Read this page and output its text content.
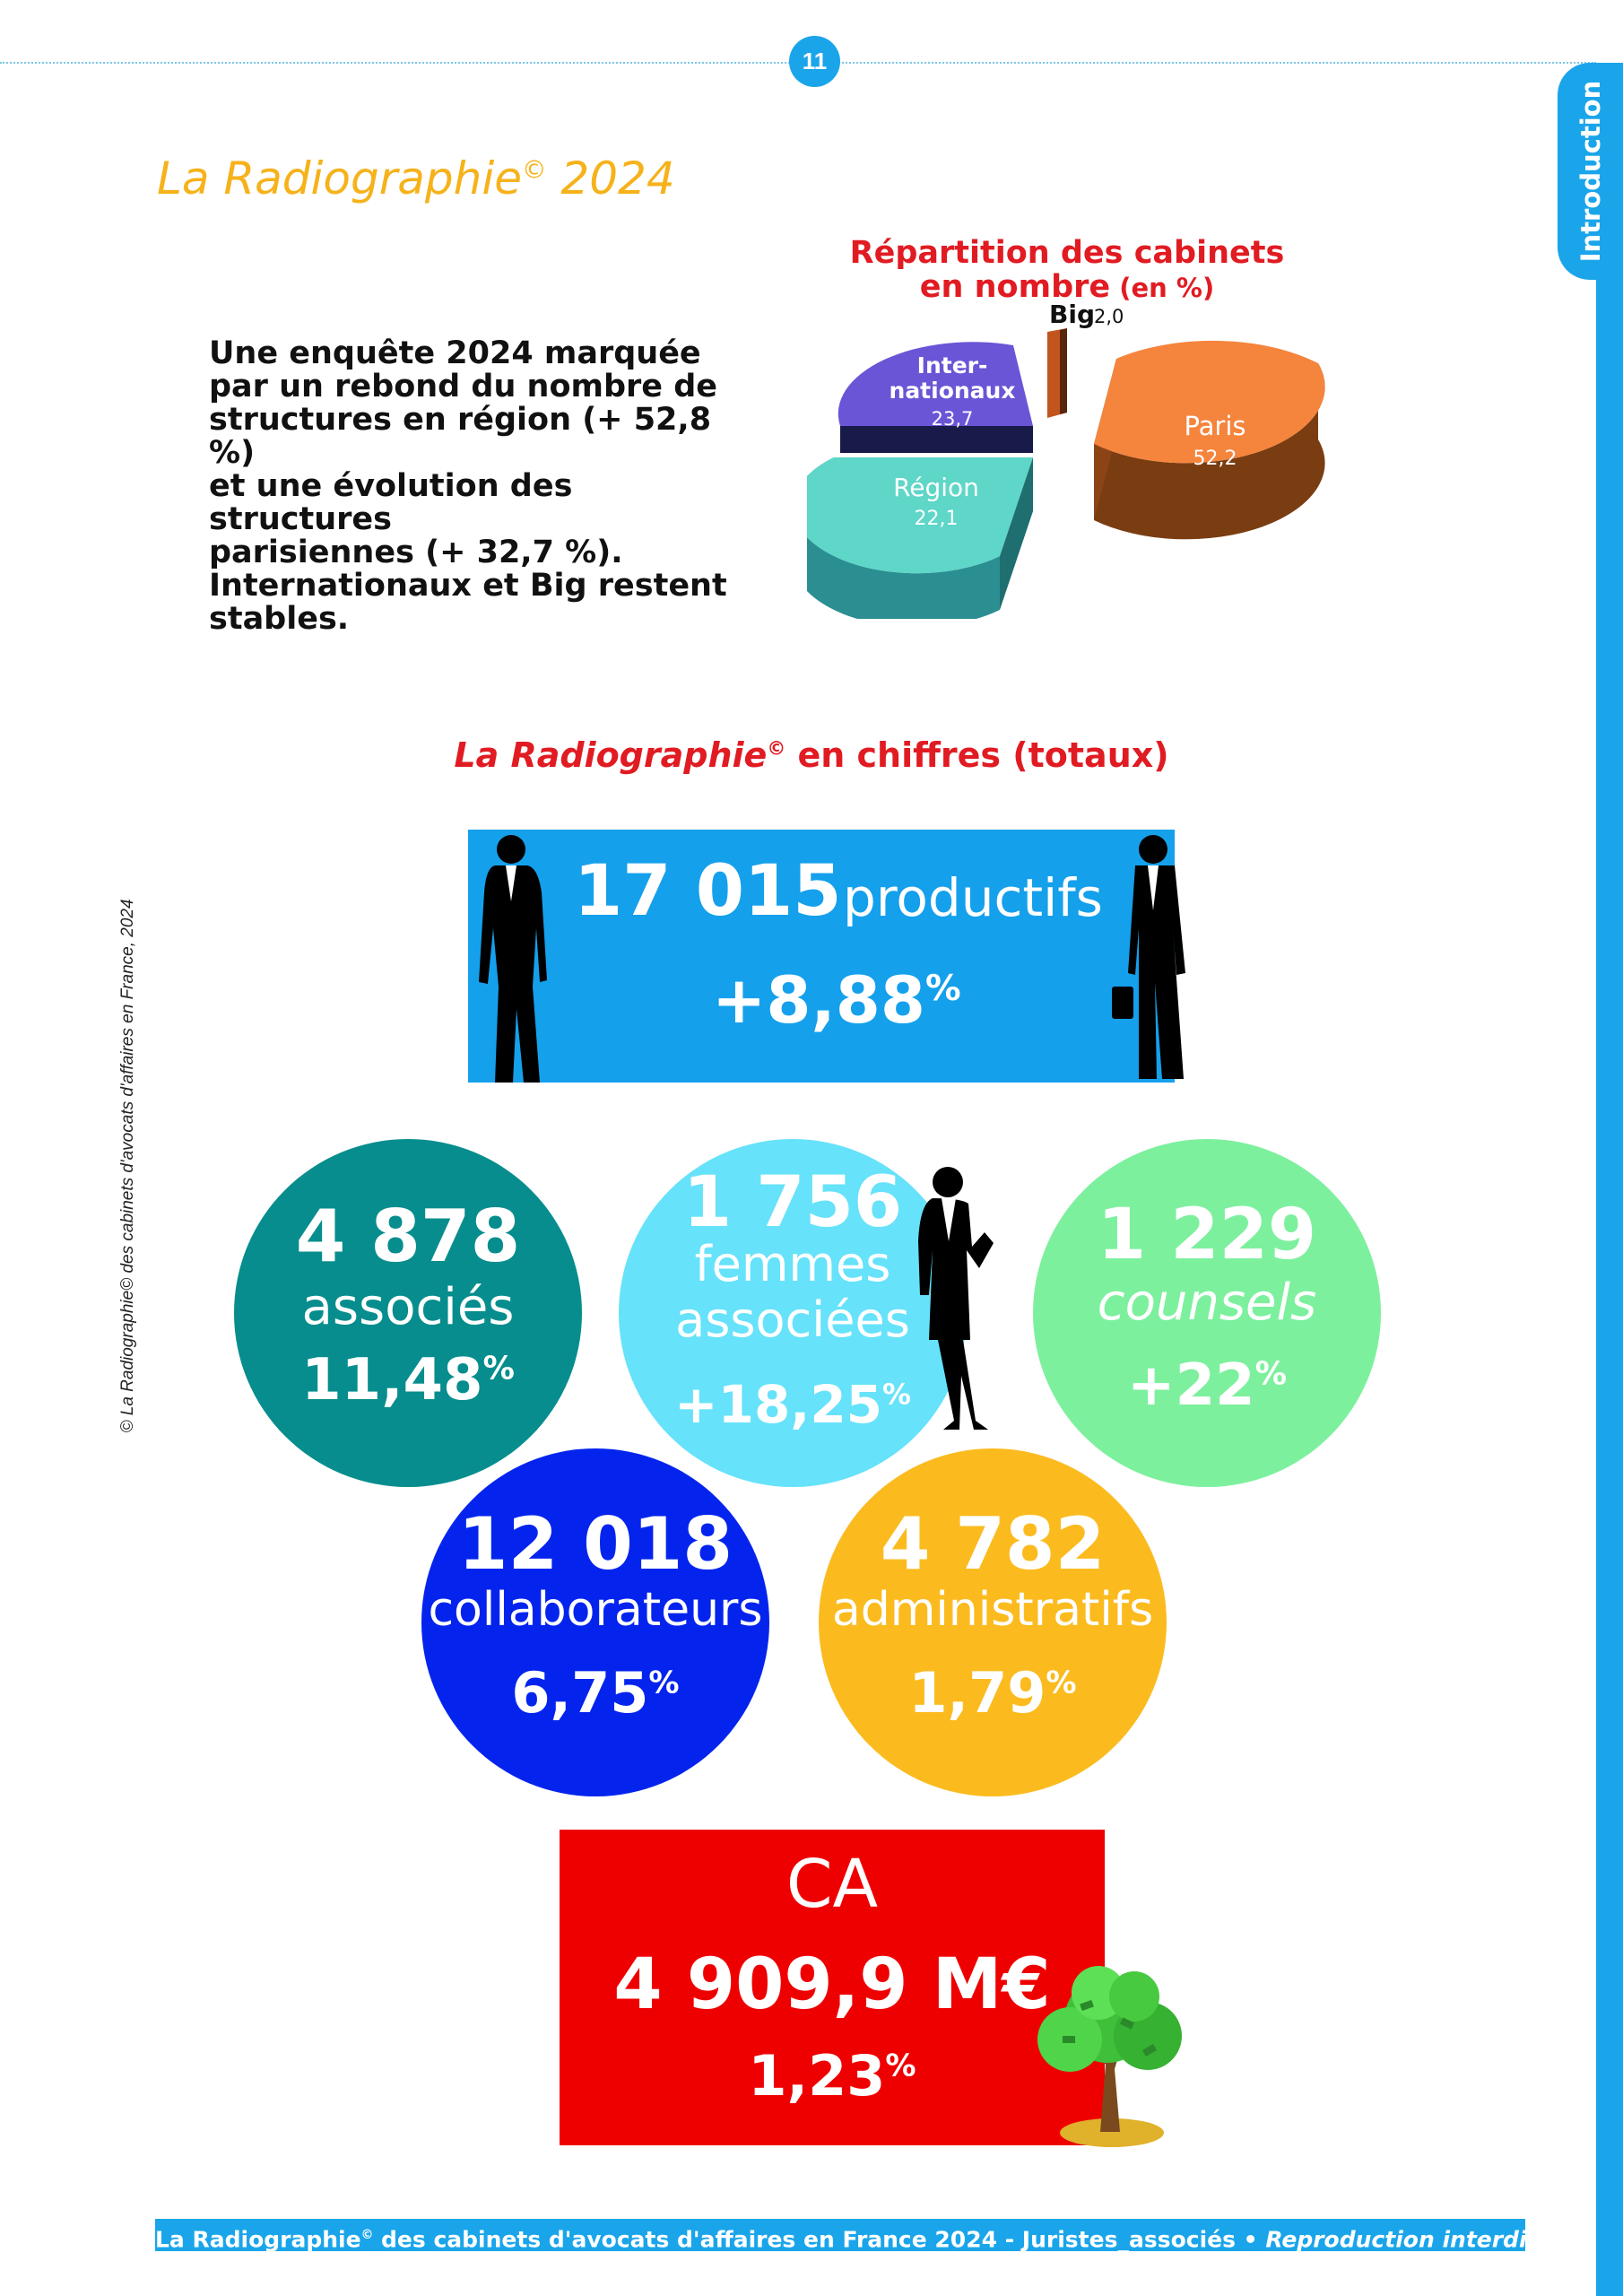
11
Introduction
© La Radiographie© des cabinets d'avocats d'affaires en France, 2024
La Radiographie© 2024
Une enquête 2024 marquée
par un rebond du nombre de
structures en région (+ 52,8 %)
et une évolution des structures
parisiennes (+ 32,7 %).
Internationaux et Big restent
stables.
Répartition des cabinets
en nombre (en %)
Paris
52,2
Région
22,1
Inter-
nationaux
23,7
Big 2,0
La Radiographie© en chiffres (totaux)
17 015 productifs
+8,88%
4 878
associés
11,48%
1 756
femmes
associées
+18,25%
1 229
counsels
+22%
12 018
collaborateurs
6,75%
4 782
administratifs
1,79%
CA
4 909,9 M€
1,23%
La Radiographie© des cabinets d'avocats d'affaires en France 2024 - Juristes_associés • Reproduction interdite
